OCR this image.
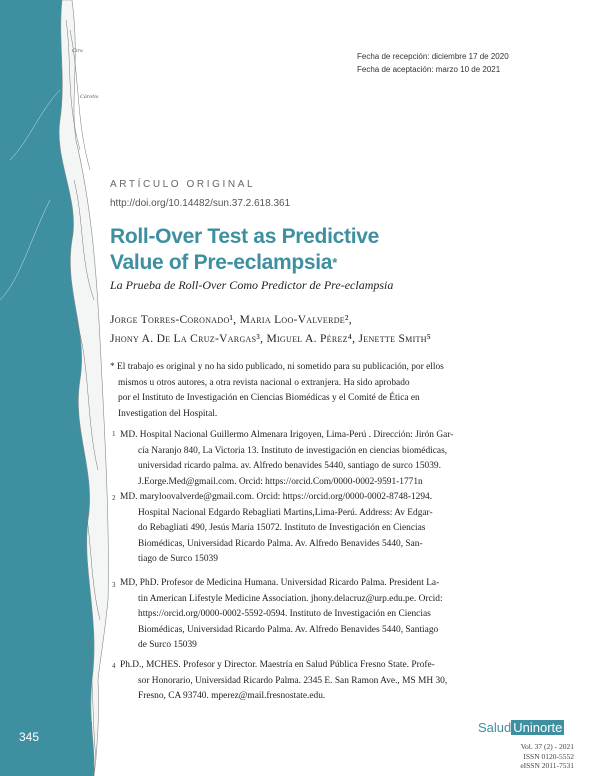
Cirv.
Cárotis
Fecha de recepción: diciembre 17 de 2020
Fecha de aceptación: marzo 10 de 2021
ARTÍCULO ORIGINAL
http://doi.org/10.14482/sun.37.2.618.361
Roll-Over Test as Predictive
Value of Pre-eclampsia*
La Prueba de Roll-Over Como Predictor de Pre-eclampsia
Jorge Torres-Coronado¹, Maria Loo-Valverde²,
Jhony A. De La Cruz-Vargas³, Miguel A. Pérez⁴, Jenette Smith⁵
* El trabajo es original y no ha sido publicado, ni sometido para su publicación, por ellos
mismos u otros autores, a otra revista nacional o extranjera. Ha sido aprobado
por el Instituto de Investigación en Ciencias Biomédicas y el Comité de Ética en
Investigation del Hospital.
1 MD. Hospital Nacional Guillermo Almenara Irigoyen, Lima-Perú . Dirección: Jirón Gar-
cía Naranjo 840, La Victoria 13. Instituto de investigación en ciencias biomédicas,
universidad ricardo palma. av. Alfredo benavides 5440, santiago de surco 15039.
J.Eorge.Med@gmail.com. Orcid: https://orcid.Com/0000-0002-9591-1771n
2 MD. maryloovalverde@gmail.com. Orcid: https://orcid.org/0000-0002-8748-1294.
Hospital Nacional Edgardo Rebagliati Martins,Lima-Perú. Address: Av Edgar-
do Rebagliati 490, Jesús María 15072. Instituto de Investigación en Ciencias
Biomédicas, Universidad Ricardo Palma. Av. Alfredo Benavides 5440, San-
tiago de Surco 15039
3 MD, PhD. Profesor de Medicina Humana. Universidad Ricardo Palma. President La-
tin American Lifestyle Medicine Association. jhony.delacruz@urp.edu.pe. Orcid:
https://orcid.org/0000-0002-5592-0594. Instituto de Investigación en Ciencias
Biomédicas, Universidad Ricardo Palma. Av. Alfredo Benavides 5440, Santiago
de Surco 15039
4 Ph.D., MCHES. Profesor y Director. Maestría en Salud Pública Fresno State. Profe-
sor Honorario, Universidad Ricardo Palma. 2345 E. San Ramon Ave., MS MH 30,
Fresno, CA 93740. mperez@mail.fresnostate.edu.
345
Salud Uninorte
Vol. 37 (2) - 2021
ISSN 0120-5552
eISSN 2011-7531
